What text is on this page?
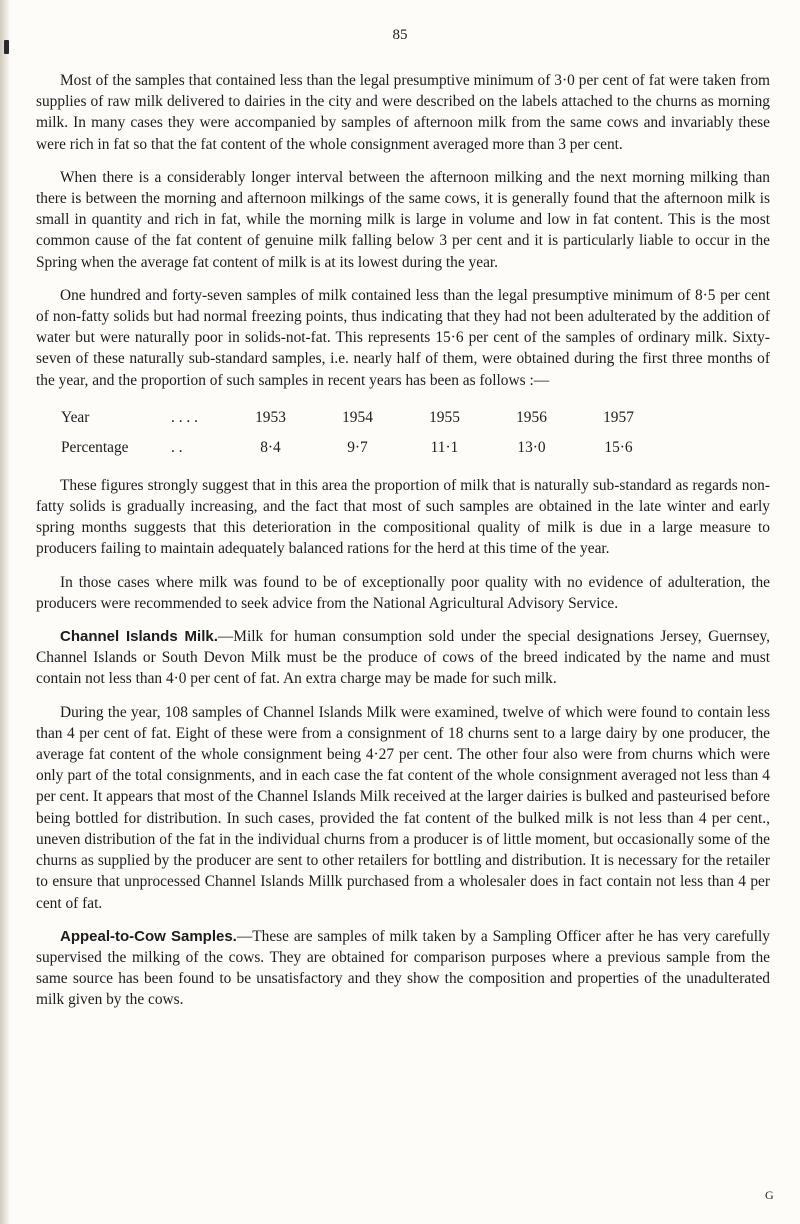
85

Most of the samples that contained less than the legal presumptive minimum of 3·0 per cent of fat were taken from supplies of raw milk delivered to dairies in the city and were described on the labels attached to the churns as morning milk. In many cases they were accompanied by samples of afternoon milk from the same cows and invariably these were rich in fat so that the fat content of the whole consignment averaged more than 3 per cent.

When there is a considerably longer interval between the afternoon milking and the next morning milking than there is between the morning and afternoon milkings of the same cows, it is generally found that the afternoon milk is small in quantity and rich in fat, while the morning milk is large in volume and low in fat content. This is the most common cause of the fat content of genuine milk falling below 3 per cent and it is particularly liable to occur in the Spring when the average fat content of milk is at its lowest during the year.

One hundred and forty-seven samples of milk contained less than the legal presumptive minimum of 8·5 per cent of non-fatty solids but had normal freezing points, thus indicating that they had not been adulterated by the addition of water but were naturally poor in solids-not-fat. This represents 15·6 per cent of the samples of ordinary milk. Sixty-seven of these naturally sub-standard samples, i.e. nearly half of them, were obtained during the first three months of the year, and the proportion of such samples in recent years has been as follows :—

Year	. . . .	1953	1954	1955	1956	1957
Percentage	. .	8·4	9·7	11·1	13·0	15·6

These figures strongly suggest that in this area the proportion of milk that is naturally sub-standard as regards non-fatty solids is gradually increasing, and the fact that most of such samples are obtained in the late winter and early spring months suggests that this deterioration in the compositional quality of milk is due in a large measure to producers failing to maintain adequately balanced rations for the herd at this time of the year.

In those cases where milk was found to be of exceptionally poor quality with no evidence of adulteration, the producers were recommended to seek advice from the National Agricultural Advisory Service.

Channel Islands Milk.—Milk for human consumption sold under the special designations Jersey, Guernsey, Channel Islands or South Devon Milk must be the produce of cows of the breed indicated by the name and must contain not less than 4·0 per cent of fat. An extra charge may be made for such milk.

During the year, 108 samples of Channel Islands Milk were examined, twelve of which were found to contain less than 4 per cent of fat. Eight of these were from a consignment of 18 churns sent to a large dairy by one producer, the average fat content of the whole consignment being 4·27 per cent. The other four also were from churns which were only part of the total consignments, and in each case the fat content of the whole consignment averaged not less than 4 per cent. It appears that most of the Channel Islands Milk received at the larger dairies is bulked and pasteurised before being bottled for distribution. In such cases, provided the fat content of the bulked milk is not less than 4 per cent., uneven distribution of the fat in the individual churns from a producer is of little moment, but occasionally some of the churns as supplied by the producer are sent to other retailers for bottling and distribution. It is necessary for the retailer to ensure that unprocessed Channel Islands Millk purchased from a wholesaler does in fact contain not less than 4 per cent of fat.

Appeal-to-Cow Samples.—These are samples of milk taken by a Sampling Officer after he has very carefully supervised the milking of the cows. They are obtained for comparison purposes where a previous sample from the same source has been found to be unsatisfactory and they show the composition and properties of the unadulterated milk given by the cows.

G
